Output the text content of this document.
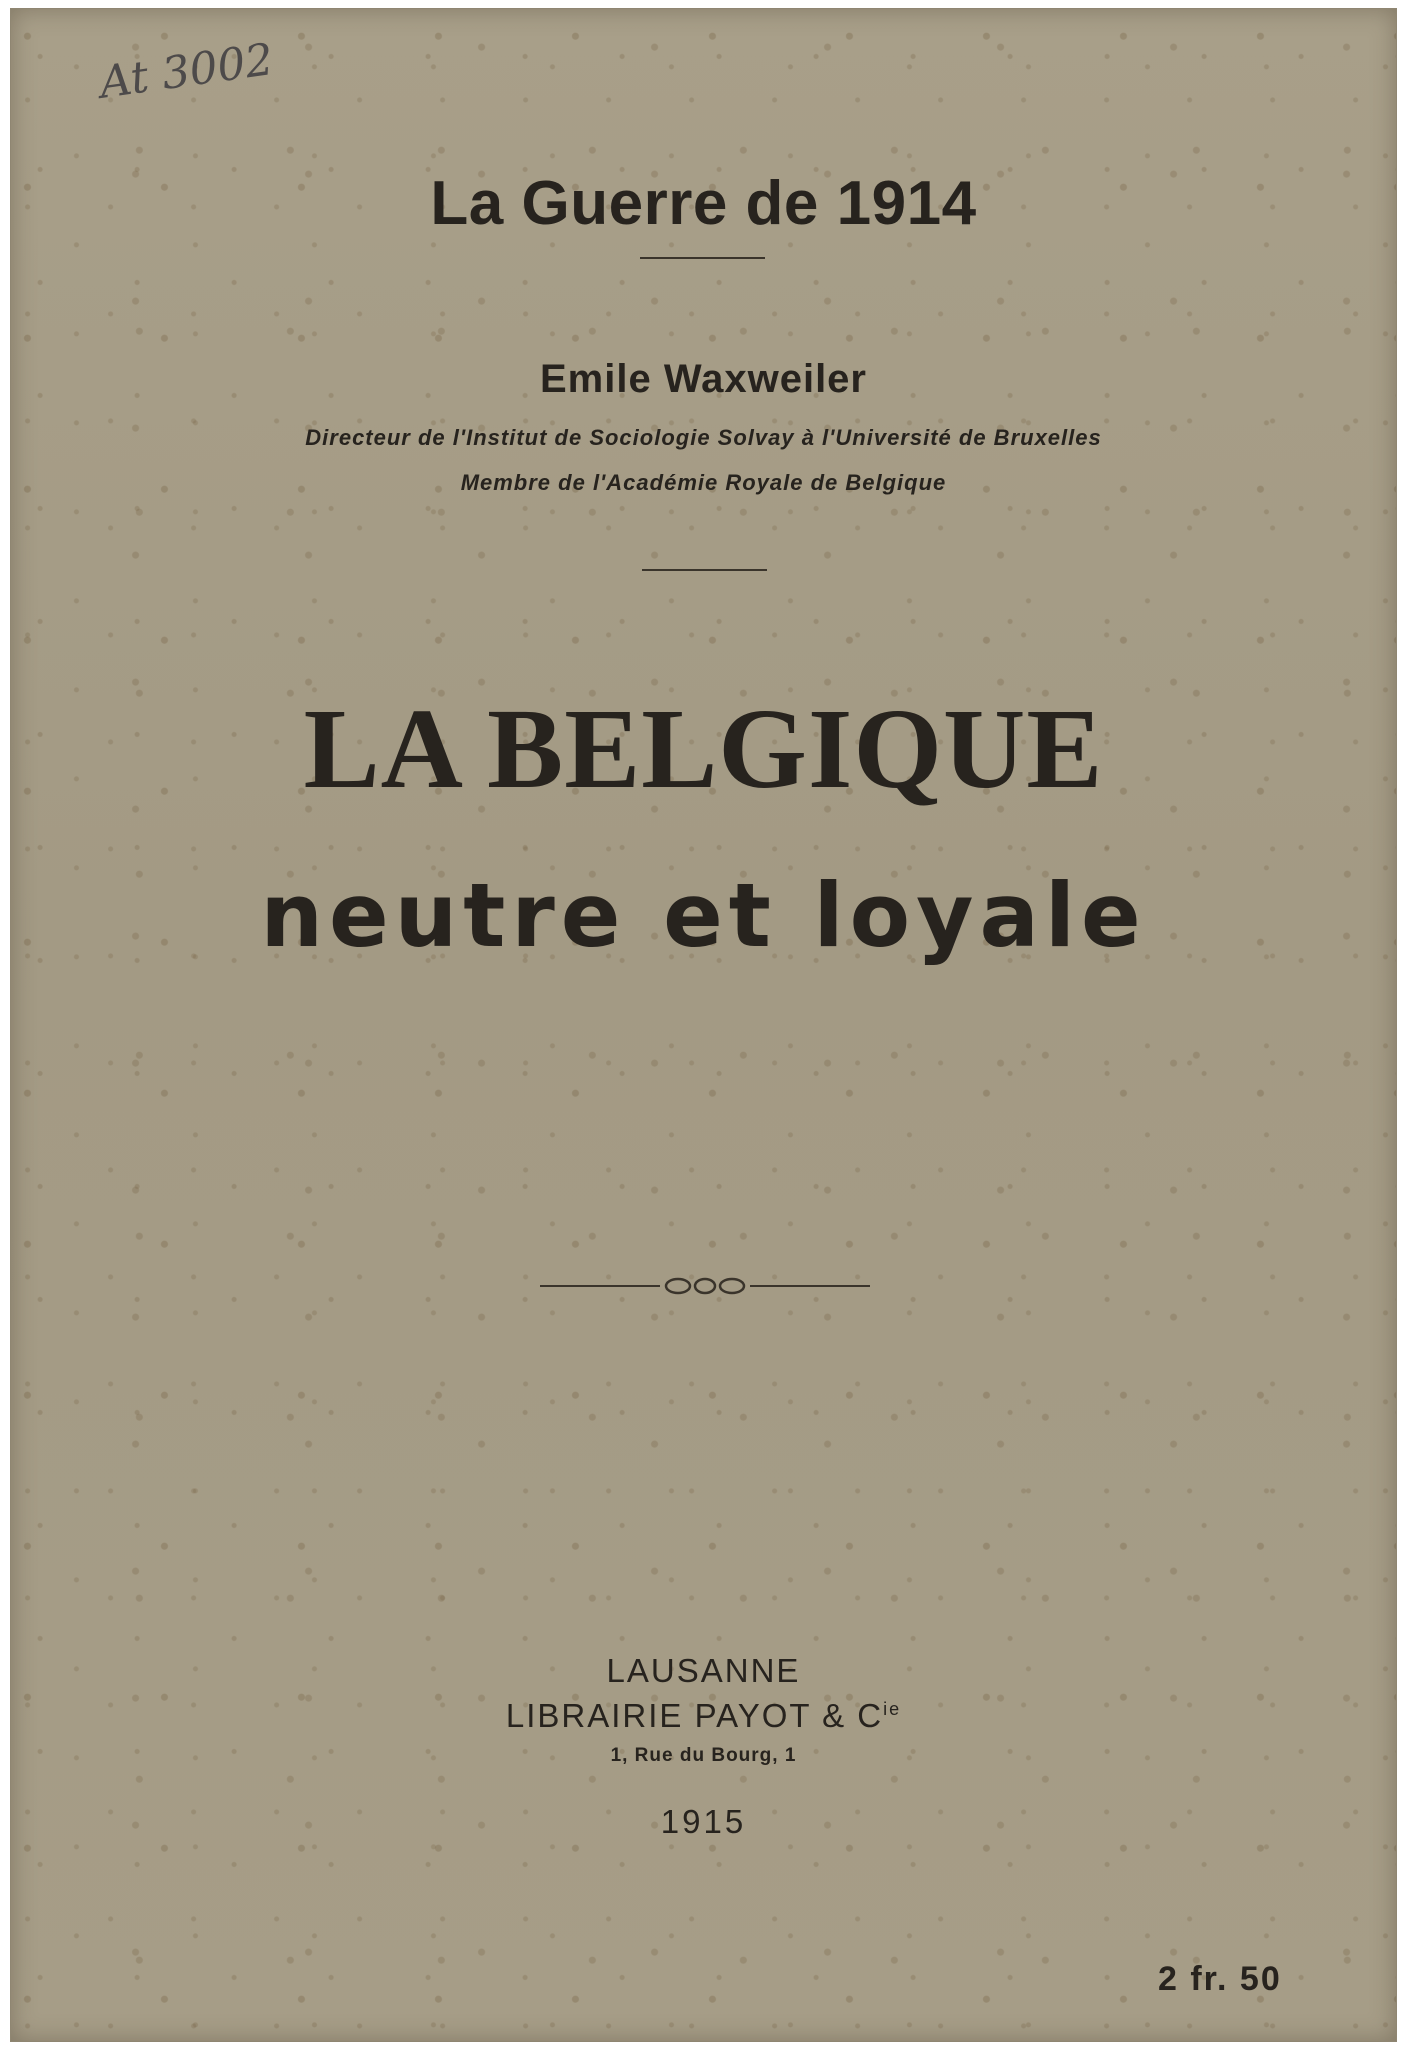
At 3002
La Guerre de 1914
Emile Waxweiler
Directeur de l'Institut de Sociologie Solvay à l'Université de Bruxelles
Membre de l'Académie Royale de Belgique
LA BELGIQUE
neutre et loyale
LAUSANNE
LIBRAIRIE PAYOT & $C^{ie}$
1, Rue du Bourg, 1
1915
2 fr. 50
